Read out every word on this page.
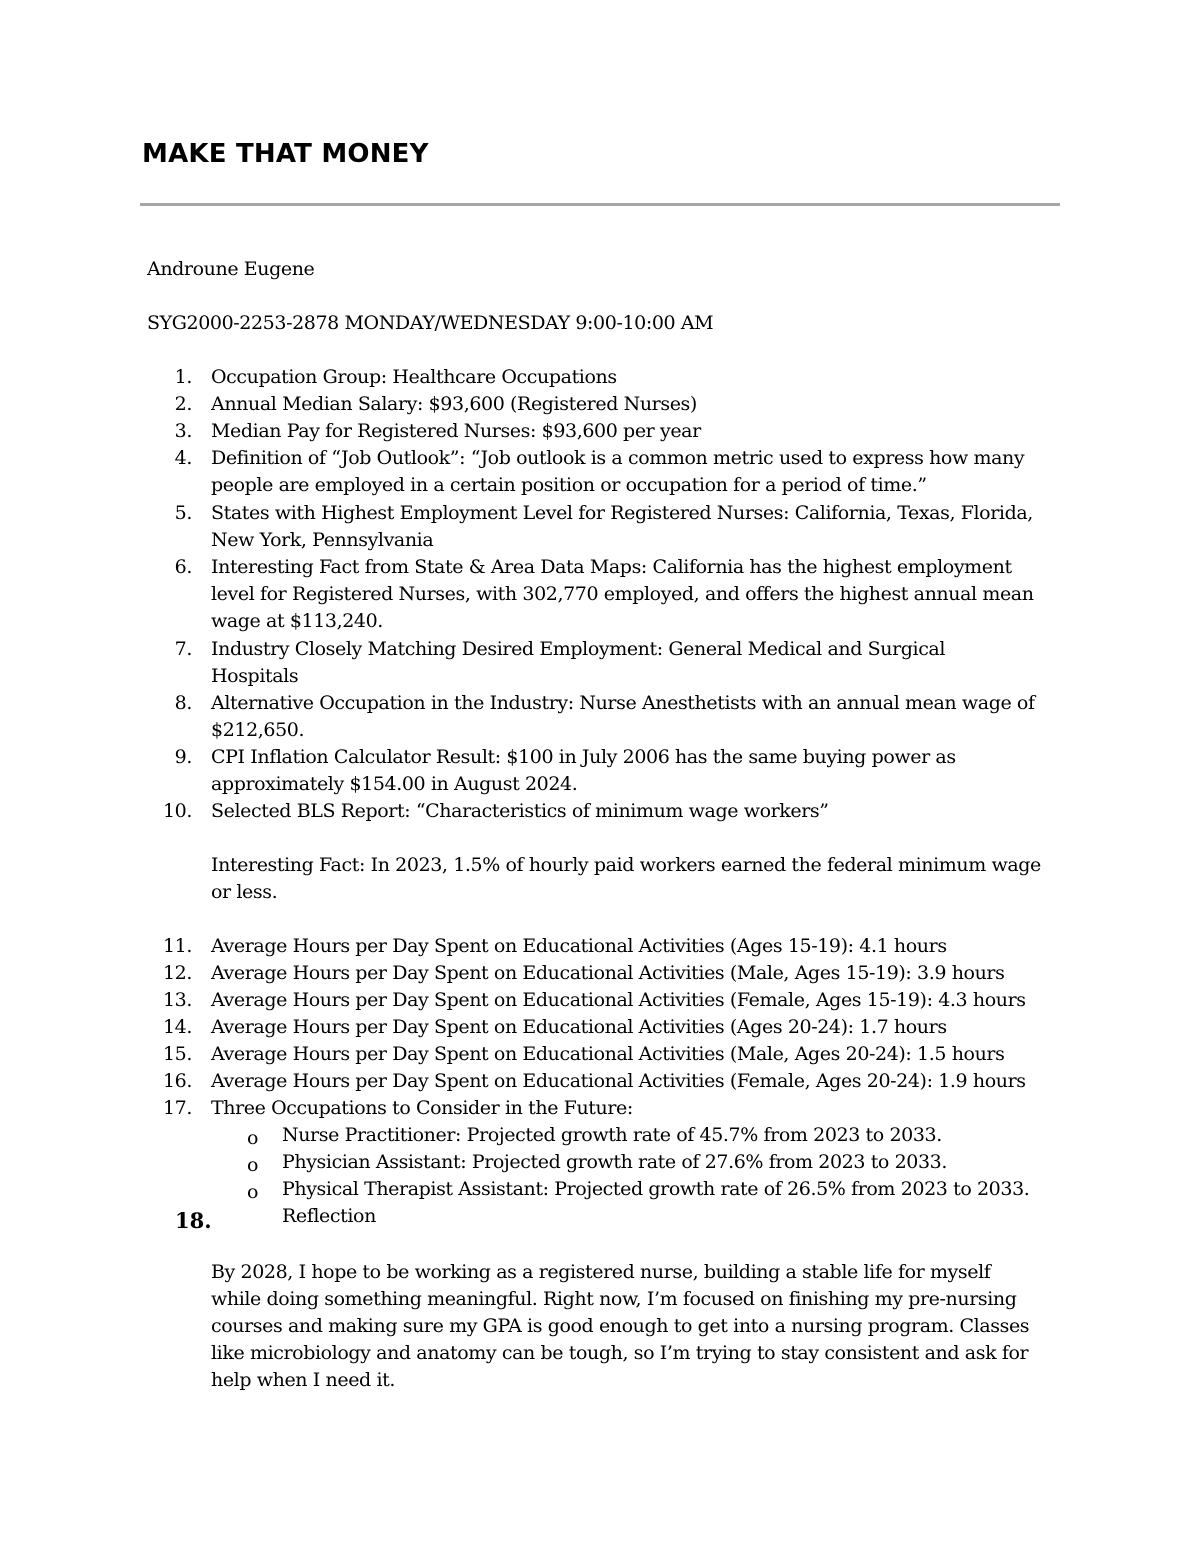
MAKE THAT MONEY
Androune Eugene
SYG2000-2253-2878 MONDAY/WEDNESDAY 9:00-10:00 AM
1. Occupation Group: Healthcare Occupations
2. Annual Median Salary: $93,600 (Registered Nurses)
3. Median Pay for Registered Nurses: $93,600 per year
4. Definition of “Job Outlook”: “Job outlook is a common metric used to express how many
people are employed in a certain position or occupation for a period of time.”
5. States with Highest Employment Level for Registered Nurses: California, Texas, Florida,
New York, Pennsylvania
6. Interesting Fact from State & Area Data Maps: California has the highest employment
level for Registered Nurses, with 302,770 employed, and offers the highest annual mean
wage at $113,240.
7. Industry Closely Matching Desired Employment: General Medical and Surgical
Hospitals
8. Alternative Occupation in the Industry: Nurse Anesthetists with an annual mean wage of
$212,650.
9. CPI Inflation Calculator Result: $100 in July 2006 has the same buying power as
approximately $154.00 in August 2024.
10. Selected BLS Report: “Characteristics of minimum wage workers”
Interesting Fact: In 2023, 1.5% of hourly paid workers earned the federal minimum wage
or less.
11. Average Hours per Day Spent on Educational Activities (Ages 15-19): 4.1 hours
12. Average Hours per Day Spent on Educational Activities (Male, Ages 15-19): 3.9 hours
13. Average Hours per Day Spent on Educational Activities (Female, Ages 15-19): 4.3 hours
14. Average Hours per Day Spent on Educational Activities (Ages 20-24): 1.7 hours
15. Average Hours per Day Spent on Educational Activities (Male, Ages 20-24): 1.5 hours
16. Average Hours per Day Spent on Educational Activities (Female, Ages 20-24): 1.9 hours
17. Three Occupations to Consider in the Future:
o Nurse Practitioner: Projected growth rate of 45.7% from 2023 to 2033.
o Physician Assistant: Projected growth rate of 27.6% from 2023 to 2033.
o Physical Therapist Assistant: Projected growth rate of 26.5% from 2023 to 2033.
18.	Reflection
By 2028, I hope to be working as a registered nurse, building a stable life for myself
while doing something meaningful. Right now, I’m focused on finishing my pre-nursing
courses and making sure my GPA is good enough to get into a nursing program. Classes
like microbiology and anatomy can be tough, so I’m trying to stay consistent and ask for
help when I need it.
